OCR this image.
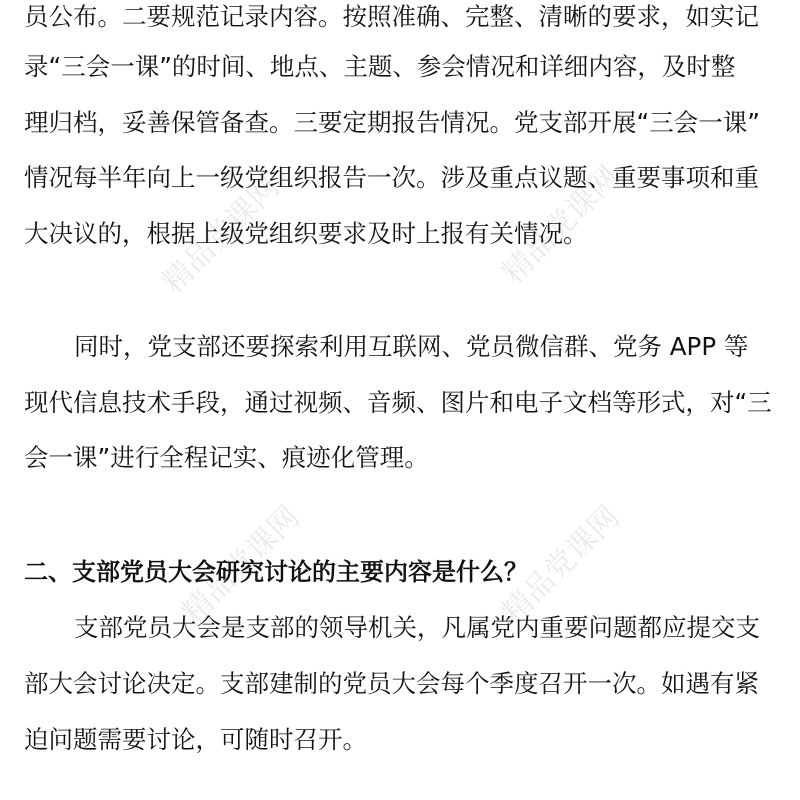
精品党课网	精品党课网
精品党课网	精品党课网
员公布。二要规范记录内容。按照准确、完整、清晰的要求，如实记
录“三会一课”的时间、地点、主题、参会情况和详细内容，及时整
理归档，妥善保管备查。三要定期报告情况。党支部开展“三会一课”
情况每半年向上一级党组织报告一次。涉及重点议题、重要事项和重
大决议的，根据上级党组织要求及时上报有关情况。
同时，党支部还要探索利用互联网、党员微信群、党务 APP 等
现代信息技术手段，通过视频、音频、图片和电子文档等形式，对“三
会一课”进行全程记实、痕迹化管理。
二、支部党员大会研究讨论的主要内容是什么？
支部党员大会是支部的领导机关，凡属党内重要问题都应提交支
部大会讨论决定。支部建制的党员大会每个季度召开一次。如遇有紧
迫问题需要讨论，可随时召开。
